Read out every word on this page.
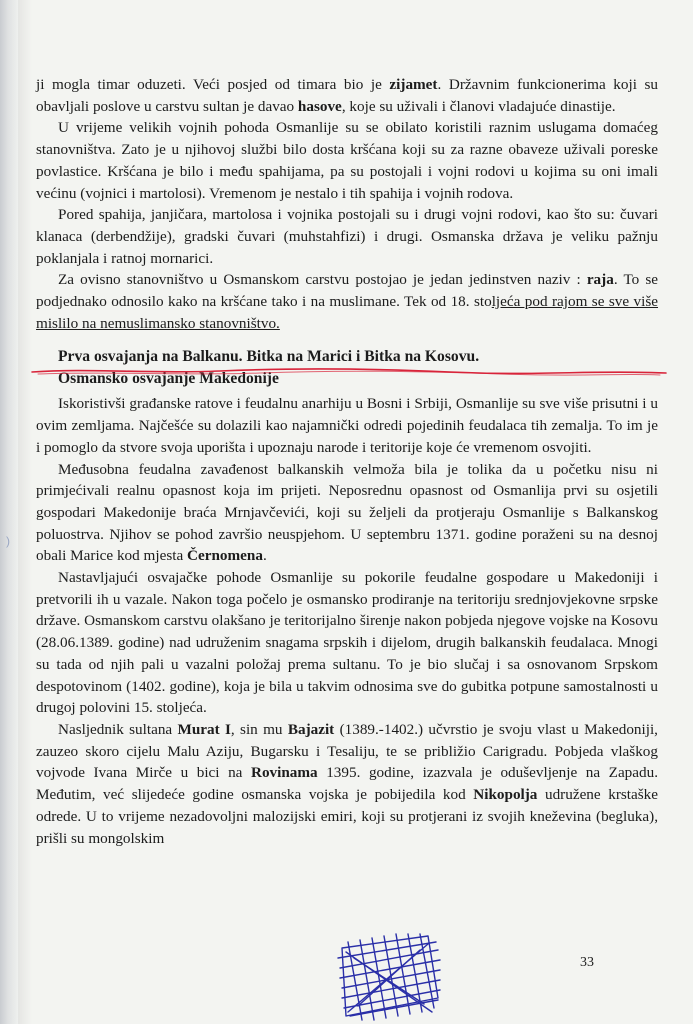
ji mogla timar oduzeti. Veći posjed od timara bio je zijamet. Državnim funkcionerima koji su obavljali poslove u carstvu sultan je davao hasove, koje su uživali i članovi vladajuće dinastije.

U vrijeme velikih vojnih pohoda Osmanlije su se obilato koristili raznim uslugama domaćeg stanovništva. Zato je u njihovoj službi bilo dosta kršćana koji su za razne obaveze uživali poreske povlastice. Kršćana je bilo i među spahijama, pa su postojali i vojni rodovi u kojima su oni imali većinu (vojnici i martolosi). Vremenom je nestalo i tih spahija i vojnih rodova.

Pored spahija, janjičara, martolosa i vojnika postojali su i drugi vojni rodovi, kao što su: čuvari klanaca (derbendžije), gradski čuvari (muhstahfizi) i drugi. Osmanska država je veliku pažnju poklanjala i ratnoj mornarici.

Za ovisno stanovništvo u Osmanskom carstvu postojao je jedan jedinstven naziv : raja. To se podjednako odnosilo kako na kršćane tako i na muslimane. Tek od 18. stoljeća pod rajom se sve više mislilo na nemuslimansko stanovništvo.

Prva osvajanja na Balkanu. Bitka na Marici i Bitka na Kosovu.
Osmansko osvajanje Makedonije

Iskoristivši građanske ratove i feudalnu anarhiju u Bosni i Srbiji, Osmanlije su sve više prisutni i u ovim zemljama. Najčešće su dolazili kao najamnički odredi pojedinih feudalaca tih zemalja. To im je i pomoglo da stvore svoja uporišta i upoznaju narode i teritorije koje će vremenom osvojiti.

Međusobna feudalna zavađenost balkanskih velmoža bila je tolika da u početku nisu ni primjećivali realnu opasnost koja im prijeti. Neposrednu opasnost od Osmanlija prvi su osjetili gospodari Makedonije braća Mrnjavčevići, koji su željeli da protjeraju Osmanlije s Balkanskog poluostrva. Njihov se pohod završio neuspjehom. U septembru 1371. godine poraženi su na desnoj obali Marice kod mjesta Černomena.

Nastavljajući osvajačke pohode Osmanlije su pokorile feudalne gospodare u Makedoniji i pretvorili ih u vazale. Nakon toga počelo je osmansko prodiranje na teritoriju srednjovjekovne srpske države. Osmanskom carstvu olakšano je teritorijalno širenje nakon pobjeda njegove vojske na Kosovu (28.06.1389. godine) nad udruženim snagama srpskih i dijelom, drugih balkanskih feudalaca. Mnogi su tada od njih pali u vazalni položaj prema sultanu. To je bio slučaj i sa osnovanom Srpskom despotovinom (1402. godine), koja je bila u takvim odnosima sve do gubitka potpune samostalnosti u drugoj polovini 15. stoljeća.

Nasljednik sultana Murat I, sin mu Bajazit (1389.-1402.) učvrstio je svoju vlast u Makedoniji, zauzeo skoro cijelu Malu Aziju, Bugarsku i Tesaliju, te se približio Carigradu. Pobjeda vlaškog vojvode Ivana Mirče u bici na Rovinama 1395. godine, izazvala je oduševljenje na Zapadu. Međutim, već slijedeće godine osmanska vojska je pobijedila kod Nikopolja udružene krstaške odrede. U to vrijeme nezadovoljni malozijski emiri, koji su protjerani iz svojih kneževina (begluka), prišli su mongolskim

)
33
